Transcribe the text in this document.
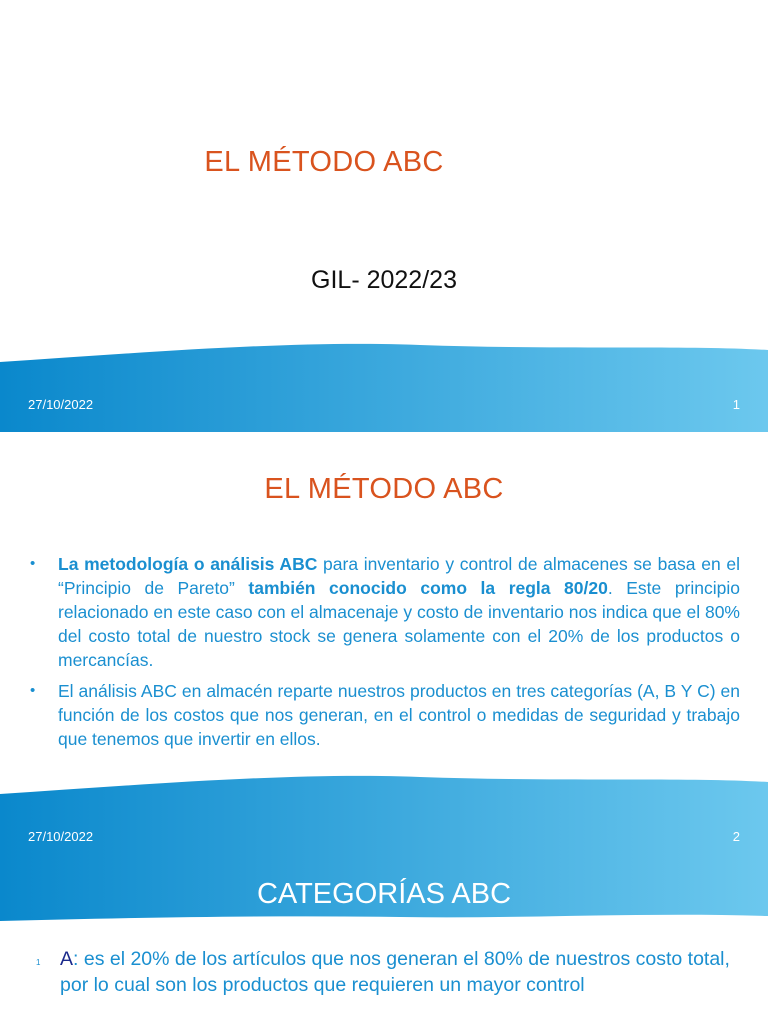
EL MÉTODO ABC
GIL- 2022/23
27/10/2022	1
EL MÉTODO ABC
• La metodología o análisis ABC para inventario y control de almacenes se basa en el “Principio de Pareto” también conocido como la regla 80/20. Este principio relacionado en este caso con el almacenaje y costo de inventario nos indica que el 80% del costo total de nuestro stock se genera solamente con el 20% de los productos o mercancías.
• El análisis ABC en almacén reparte nuestros productos en tres categorías (A, B Y C) en función de los costos que nos generan, en el control o medidas de seguridad y trabajo que tenemos que invertir en ellos.
27/10/2022	2
CATEGORÍAS ABC
1 A: es el 20% de los artículos que nos generan el 80% de nuestros costo total, por lo cual son los productos que requieren un mayor control
